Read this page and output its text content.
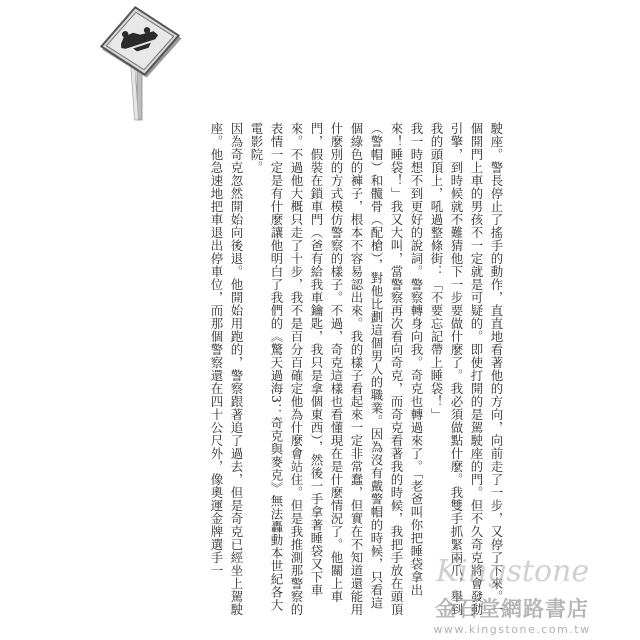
駛座。警長停止了搖手的動作，直直地看著他的方向，向前走了一步，又停了下來。一個開門上車的男孩不一定就是可疑的。即使打開的是駕駛座的門。但不久奇克將會發動引擎，到時候就不難猜他下一步要做什麼了。我必須做點什麼。我雙手抓緊兩爪，舉到我的頭頂上，吼過整條街：「不要忘記帶上睡袋！」

我一時想不到更好的說詞。警察轉身向我。奇克也轉過來了。「老爸叫你把睡袋拿出來！睡袋！」我又大叫，當警察再次看向奇克，而奇克看著我的時候，我把手放在頭頂（警帽）和髖骨（配槍），對他比劃這個男人的職業。因為沒有戴警帽的時候，只看這個綠色的褲子，根本不容易認出來。我的樣子看起來一定非常蠢，但實在不知道還能用什麼別的方式模仿警察的樣子。不過，奇克這樣也看懂現在是什麼情況了。他關上車門，假裝在鎖車門（爸有給我車鑰匙，我只是拿個東西），然後一手拿著睡袋又下車來。不過他大概只走了十步，我不是百分百確定他為什麼會站住。但是我推測那警察的表情一定是有什麼讓他明白了我們的《驚天過海3：奇克與麥克》無法轟動本世紀各大電影院。

因為奇克忽然開始向後退。他開始用跑的，警察跟著追了過去，但是奇克已經坐上駕駛座。他急速地把車退出停車位，而那個警察還在四十公尺外，像奧運金牌選手一	Kingstone
金石堂網路書店
www.kingstone.com.tw
